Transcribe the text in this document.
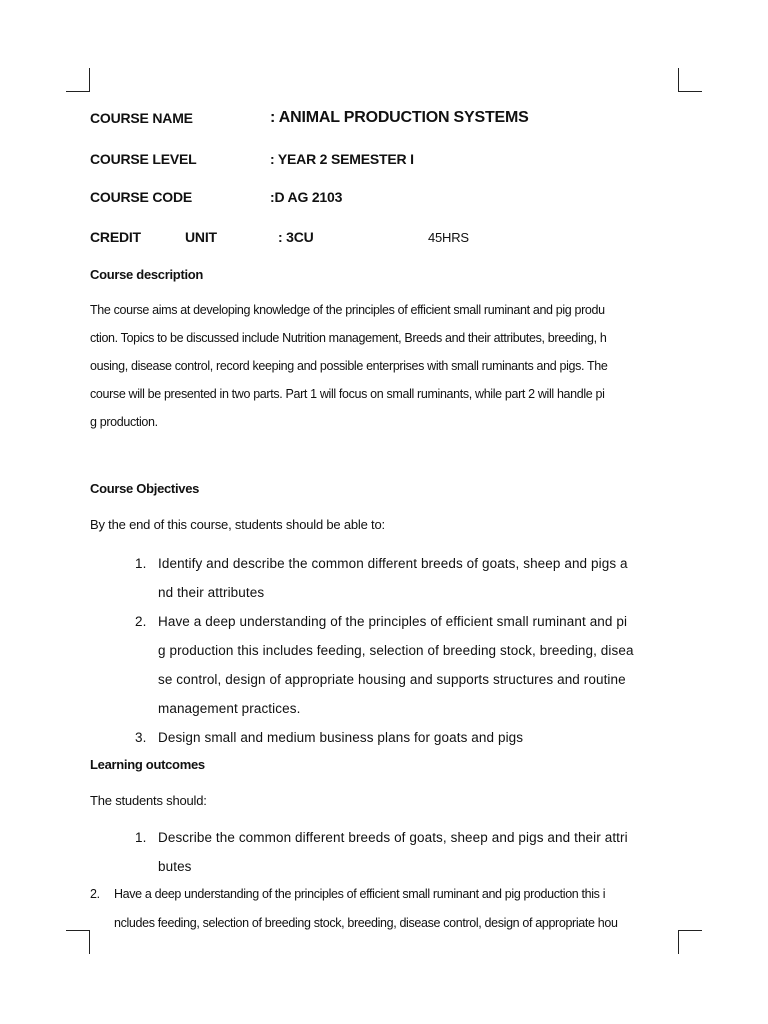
COURSE NAME	: ANIMAL PRODUCTION SYSTEMS
COURSE LEVEL	: YEAR 2 SEMESTER I
COURSE CODE	:D AG 2103
CREDIT	UNIT	: 3CU	45HRS
Course description
The course aims at developing knowledge of the principles of efficient small ruminant and pig produ
ction. Topics to be discussed include Nutrition management, Breeds and their attributes, breeding, h
ousing, disease control, record keeping and possible enterprises with small ruminants and pigs. The
course will be presented in two parts. Part 1 will focus on small ruminants, while part 2 will handle pi
g production.
Course Objectives
By the end of this course, students should be able to:
1. Identify and describe the common different breeds of goats, sheep and pigs a
nd their attributes
2. Have a deep understanding of the principles of efficient small ruminant and pi
g production this includes feeding, selection of breeding stock, breeding, disea
se control, design of appropriate housing and supports structures and routine
management practices.
3. Design small and medium business plans for goats and pigs
Learning outcomes
The students should:
1. Describe the common different breeds of goats, sheep and pigs and their attri
butes
2. Have a deep understanding of the principles of efficient small ruminant and pig production this i
ncludes feeding, selection of breeding stock, breeding, disease control, design of appropriate hou
